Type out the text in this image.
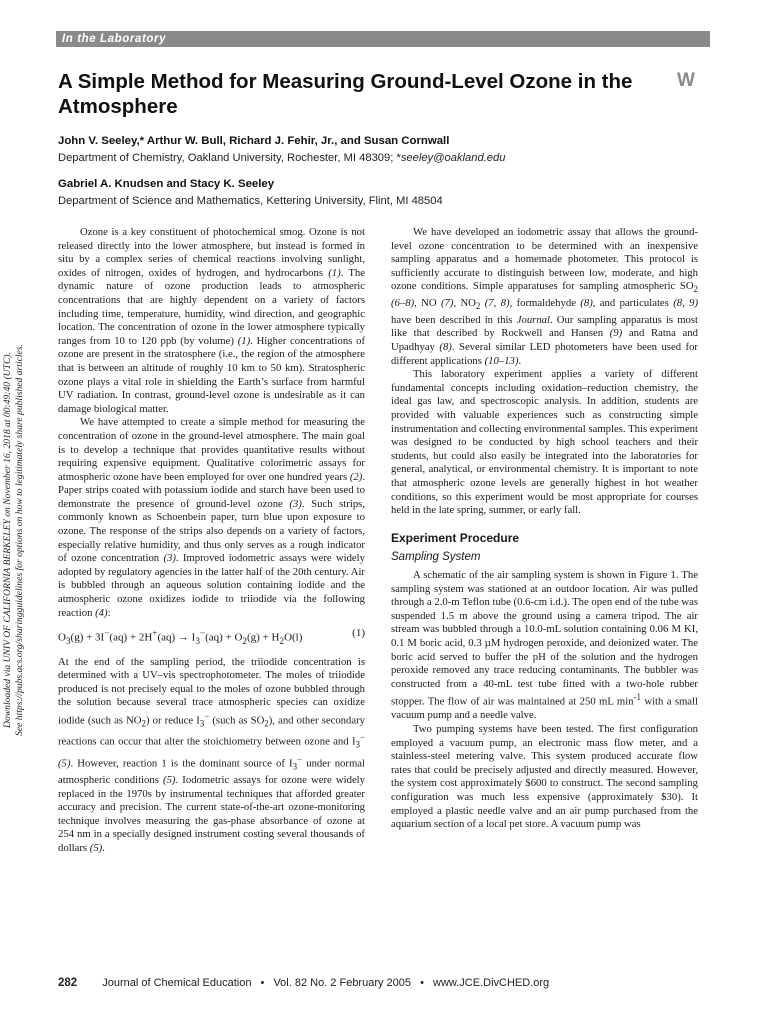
In the Laboratory
A Simple Method for Measuring Ground-Level Ozone in the Atmosphere
W
John V. Seeley,* Arthur W. Bull, Richard J. Fehir, Jr., and Susan Cornwall
Department of Chemistry, Oakland University, Rochester, MI 48309; *seeley@oakland.edu
Gabriel A. Knudsen and Stacy K. Seeley
Department of Science and Mathematics, Kettering University, Flint, MI 48504
Downloaded via UNIV OF CALIFORNIA BERKELEY on November 16, 2018 at 00:49:40 (UTC). See https://pubs.acs.org/sharingguidelines for options on how to legitimately share published articles.

Ozone is a key constituent of photochemical smog. Ozone is not released directly into the lower atmosphere, but instead is formed in situ by a complex series of chemical reactions involving sunlight, oxides of nitrogen, oxides of hydrogen, and hydrocarbons (1). The dynamic nature of ozone production leads to atmospheric concentrations that are highly dependent on a variety of factors including time, temperature, humidity, wind direction, and geographic location. The concentration of ozone in the lower atmosphere typically ranges from 10 to 120 ppb (by volume) (1). Higher concentrations of ozone are present in the stratosphere (i.e., the region of the atmosphere that is between an altitude of roughly 10 km to 50 km). Stratospheric ozone plays a vital role in shielding the Earth’s surface from harmful UV radiation. In contrast, ground-level ozone is undesirable as it can damage biological matter.

We have attempted to create a simple method for measuring the concentration of ozone in the ground-level atmosphere. The main goal is to develop a technique that provides quantitative results without requiring expensive equipment. Qualitative colorimetric assays for atmospheric ozone have been employed for over one hundred years (2). Paper strips coated with potassium iodide and starch have been used to demonstrate the presence of ground-level ozone (3). Such strips, commonly known as Schoenbein paper, turn blue upon exposure to ozone. The response of the strips also depends on a variety of factors, especially relative humidity, and thus only serves as a rough indicator of ozone concentration (3). Improved iodometric assays were widely adopted by regulatory agencies in the latter half of the 20th century. Air is bubbled through an aqueous solution containing iodide and the atmospheric ozone oxidizes iodide to triiodide via the following reaction (4):

$O_3(g) + 3I^-(aq) + 2H^+(aq) \to I_3^-(aq) + O_2(g) + H_2O(l)$	(1)

At the end of the sampling period, the triiodide concentration is determined with a UV–vis spectrophotometer. The moles of triiodide produced is not precisely equal to the moles of ozone bubbled through the solution because several trace atmospheric species can oxidize iodide (such as $NO_2$) or reduce $I_3^-$ (such as $SO_2$), and other secondary reactions can occur that alter the stoichiometry between ozone and $I_3^-$ (5). However, reaction 1 is the dominant source of $I_3^-$ under normal atmospheric conditions (5). Iodometric assays for ozone were widely replaced in the 1970s by instrumental techniques that afforded greater accuracy and precision. The current state-of-the-art ozone-monitoring technique involves measuring the gas-phase absorbance of ozone at 254 nm in a specially designed instrument costing several thousands of dollars (5).

We have developed an iodometric assay that allows the ground-level ozone concentration to be determined with an inexpensive sampling apparatus and a homemade photometer. This protocol is sufficiently accurate to distinguish between low, moderate, and high ozone conditions. Simple apparatuses for sampling atmospheric $SO_2$ (6–8), NO (7), $NO_2$ (7, 8), formaldehyde (8), and particulates (8, 9) have been described in this Journal. Our sampling apparatus is most like that described by Rockwell and Hansen (9) and Ratna and Upadhyay (8). Several similar LED photometers have been used for different applications (10–13).

This laboratory experiment applies a variety of different fundamental concepts including oxidation–reduction chemistry, the ideal gas law, and spectroscopic analysis. In addition, students are provided with valuable experiences such as constructing simple instrumentation and collecting environmental samples. This experiment was designed to be conducted by high school teachers and their students, but could also easily be integrated into the laboratories for general, analytical, or environmental chemistry. It is important to note that atmospheric ozone levels are generally highest in hot weather conditions, so this experiment would be most appropriate for courses held in the late spring, summer, or early fall.

Experiment Procedure
Sampling System

A schematic of the air sampling system is shown in Figure 1. The sampling system was stationed at an outdoor location. Air was pulled through a 2.0-m Teflon tube (0.6-cm i.d.). The open end of the tube was suspended 1.5 m above the ground using a camera tripod. The air stream was bubbled through a 10.0-mL solution containing 0.06 M KI, 0.1 M boric acid, 0.3 µM hydrogen peroxide, and deionized water. The boric acid served to buffer the pH of the solution and the hydrogen peroxide removed any trace reducing contaminants. The bubbler was constructed from a 40-mL test tube fitted with a two-hole rubber stopper. The flow of air was maintained at 250 mL $\min^{-1}$ with a small vacuum pump and a needle valve.

Two pumping systems have been tested. The first configuration employed a vacuum pump, an electronic mass flow meter, and a stainless-steel metering valve. This system produced accurate flow rates that could be precisely adjusted and directly measured. However, the system cost approximately $600 to construct. The second sampling configuration was much less expensive (approximately $30). It employed a plastic needle valve and an air pump purchased from the aquarium section of a local pet store. A vacuum pump was

282 Journal of Chemical Education • Vol. 82 No. 2 February 2005 • www.JCE.DivCHED.org
